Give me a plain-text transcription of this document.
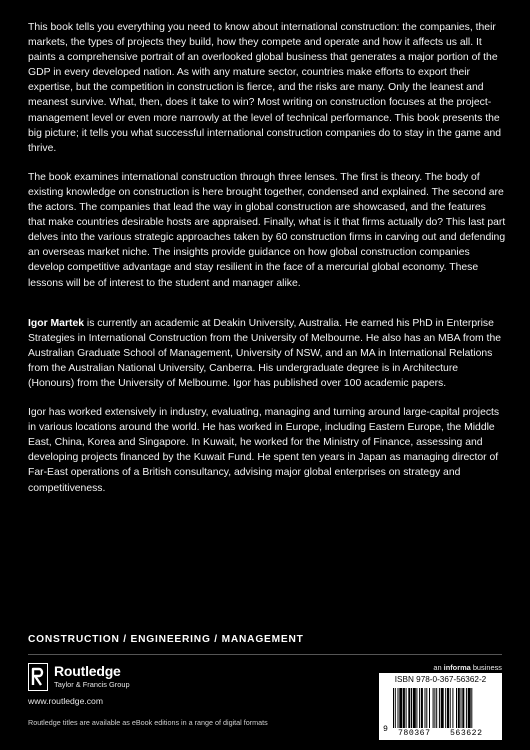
This book tells you everything you need to know about international construction: the companies, their markets, the types of projects they build, how they compete and operate and how it affects us all. It paints a comprehensive portrait of an overlooked global business that generates a major portion of the GDP in every developed nation. As with any mature sector, countries make efforts to export their expertise, but the competition in construction is fierce, and the risks are many. Only the leanest and meanest survive. What, then, does it take to win? Most writing on construction focuses at the project-management level or even more narrowly at the level of technical performance. This book presents the big picture; it tells you what successful international construction companies do to stay in the game and thrive.

The book examines international construction through three lenses. The first is theory. The body of existing knowledge on construction is here brought together, condensed and explained. The second are the actors. The companies that lead the way in global construction are showcased, and the features that make countries desirable hosts are appraised. Finally, what is it that firms actually do? This last part delves into the various strategic approaches taken by 60 construction firms in carving out and defending an overseas market niche. The insights provide guidance on how global construction companies develop competitive advantage and stay resilient in the face of a mercurial global economy. These lessons will be of interest to the student and manager alike.

Igor Martek is currently an academic at Deakin University, Australia. He earned his PhD in Enterprise Strategies in International Construction from the University of Melbourne. He also has an MBA from the Australian Graduate School of Management, University of NSW, and an MA in International Relations from the Australian National University, Canberra. His undergraduate degree is in Architecture (Honours) from the University of Melbourne. Igor has published over 100 academic papers.

Igor has worked extensively in industry, evaluating, managing and turning around large-capital projects in various locations around the world. He has worked in Europe, including Eastern Europe, the Middle East, China, Korea and Singapore. In Kuwait, he worked for the Ministry of Finance, assessing and developing projects financed by the Kuwait Fund. He spent ten years in Japan as managing director of Far-East operations of a British consultancy, advising major global enterprises on strategy and competitiveness.

CONSTRUCTION / ENGINEERING / MANAGEMENT
Routledge
Taylor & Francis Group
www.routledge.com
Routledge titles are available as eBook editions in a range of digital formats
an informa business
ISBN 978-0-367-56362-2
9 780367 563622
